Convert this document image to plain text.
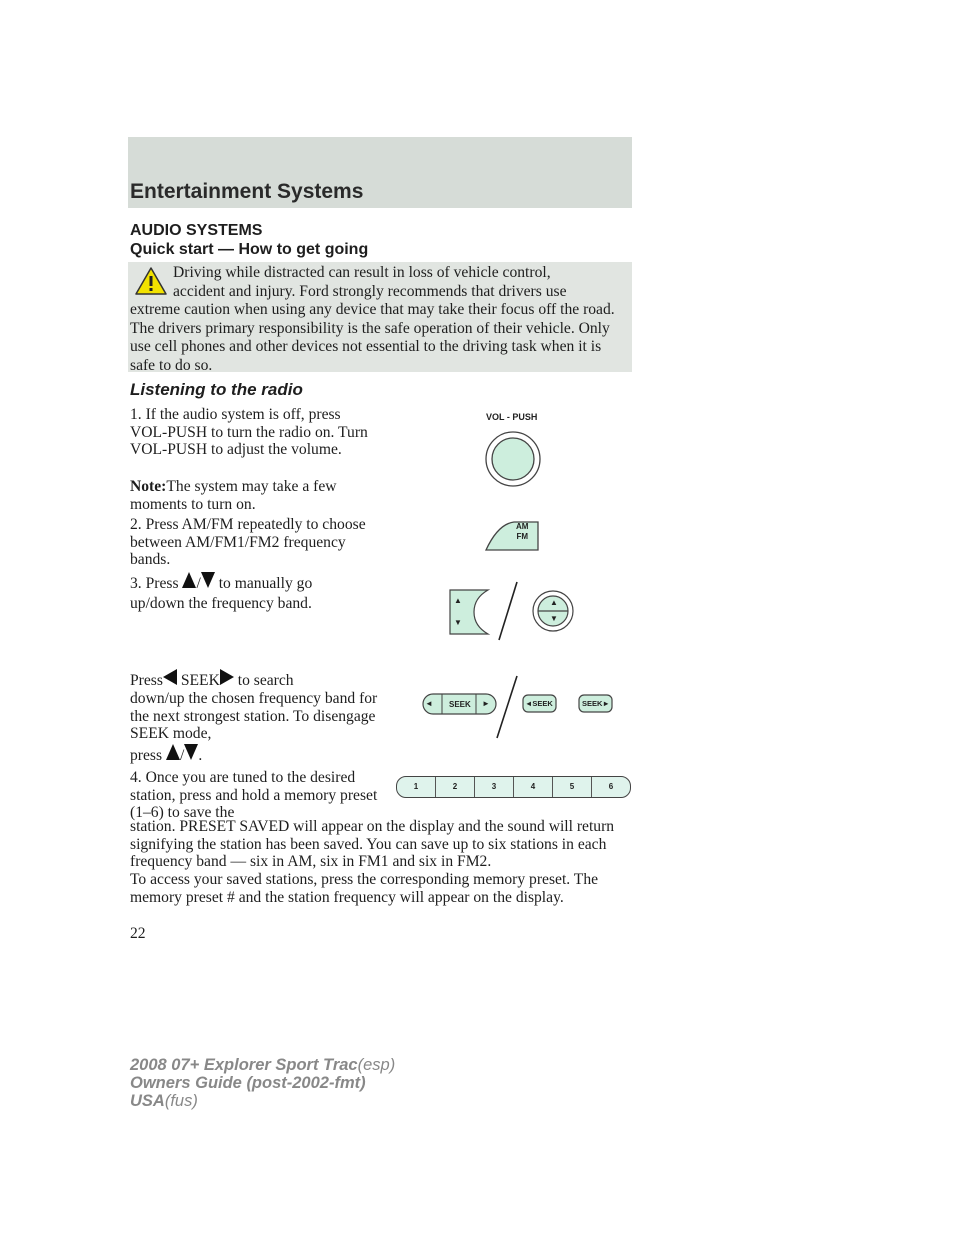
Entertainment Systems
AUDIO SYSTEMS
Quick start — How to get going
Driving while distracted can result in loss of vehicle control,
accident and injury. Ford strongly recommends that drivers use
extreme caution when using any device that may take their focus off the road. The drivers primary responsibility is the safe operation of their vehicle. Only use cell phones and other devices not essential to the driving task when it is safe to do so.
Listening to the radio
1. If the audio system is off, press VOL-PUSH to turn the radio on. Turn VOL-PUSH to adjust the volume.
Note:The system may take a few moments to turn on.
2. Press AM/FM repeatedly to choose between AM/FM1/FM2 frequency bands.
3. Press / to manually go
up/down the frequency band.
Press SEEK to search
down/up the chosen frequency band for the next strongest station. To disengage SEEK mode,
press / .
4. Once you are tuned to the desired station, press and hold a memory preset (1–6) to save the
station. PRESET SAVED will appear on the display and the sound will return signifying the station has been saved. You can save up to six stations in each frequency band — six in AM, six in FM1 and six in FM2.
To access your saved stations, press the corresponding memory preset. The memory preset # and the station frequency will appear on the display.
VOL - PUSH
AM
FM
▲
▼
▲
▼
◄ SEEK ►	◄SEEK	SEEK►
1	2	3	4	5	6
22
2008 07+ Explorer Sport Trac(esp)
Owners Guide (post-2002-fmt)
USA(fus)
